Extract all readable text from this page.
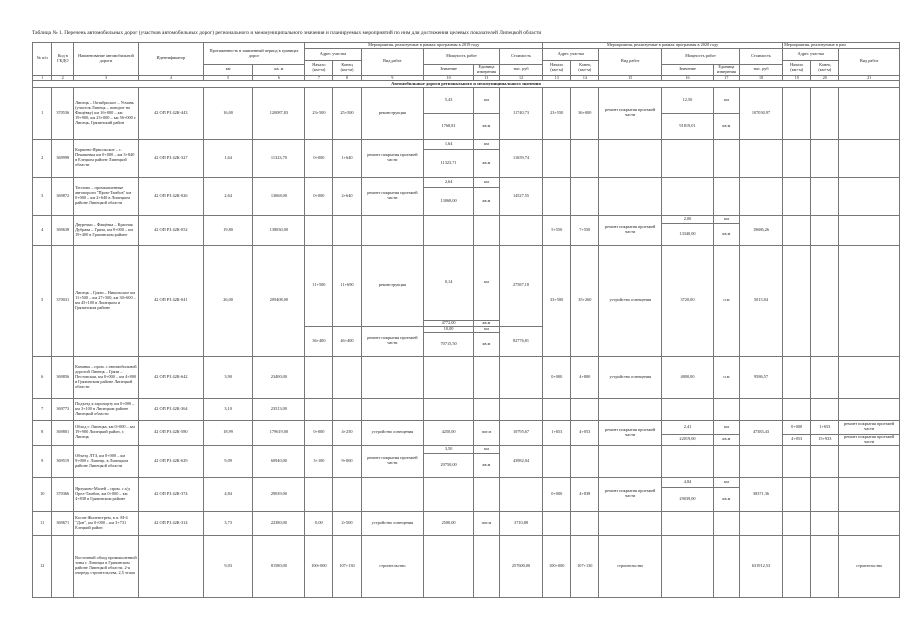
Таблица № 1. Перечень автомобильных дорог (участков автомобильных дорог) регионального и межмуниципального значения и планируемых мероприятий по ним для достижения целевых показателей Липецкой области
№ п/п	Код в ГКДО	Наименование автомобильной дороги	Идентификатор	Протяженность в заявленный период в границах дорог		Мероприятия, реализуемые в рамках программы в 2019 году						Мероприятия, реализуемые в рамках программы в 2020 году						Мероприятия, реализуемые в рам		
						Адрес участка		Вид работ	Мощность работ		Стоимость	Адрес участка		Вид работ	Мощность работ		Стоимость	Адрес участка		Вид работ
						Начало (км+м)	Конец (км+м)					Начало (км+м)	Конец (км+м)					Начало (км+м)	Конец (км+м)	
				км	кв. м				Значение	Единица измерения	тыс. руб				Значение	Единица измерения	тыс. руб			
1	2	3	4	5	6	7	8	9	10	11	12	13	14	15	16	17	18	19	20	21
Автомобильные дороги регионального и межмуниципального значения																				
1	370536	Липецк – Октябрьское – Усмань (участок Липецк – поворот на Фащёвку) км 16+000 – км 19+900, км 23+000 – км 56+000 г. Липецк, Грязинский район	42 ОП РЗ 42К-443	16,00	120087,83	23+500	25+500	реконструкция	5,43	км	11740,73	23+550	36+000	ремонт покрытия проезжей части	12,50	км	107030,97			
									1768,81	кв.м					91819,01	кв.м				
2	369998	Коршево-Ярмольское – с. Пекашевка км 0+000 – км 3+840 в Елецком районе Липецкой области	42 ОП РЗ 42К-327	1,64	11323,70	0+000	1+640	ремонт покрытия проезжей части	1,64	км	11659,74									
									11323,71	кв.м										
3	369872	Теплово – промышленные автопороги "Пром-Тамбов" км 0+000 – км 2+640 в Липецком районе Липецкой области	42 ОП РЗ 42К-026	2,64	13068,00	0+000	2+640	ремонт покрытия проезжей части	2,64	км	14527,55									
									13068,00	кв.м										
4	369638	Двуречки – Фащёвка – Красная Дубрава – Грязи, км 0+000 – км 19+400 в Грязинском районе	42 ОП РЗ 42К-052	19,80	138830,00							5+550	7+550	ремонт покрытия проезжей части	2,00	км	19686,26			
															13340,00	кв.м				
5	370031	Липецк – Грязи – Никольское км 11+500 – км 27+500, км 30+600 – км 45+100 в Липецком и Грязинском районе	42 ОП РЗ 42К-041	26,00	209408,00	11+500	11+690	реконструкция	0,14	км	27587,18	33+500	35+260	устройство освещения	3720,00	п.м	5015,84			
									4772,00	кв.м										
						36+400	46+400	ремонт покрытия проезжей части	10,00	км	82776,81									
									70715,50	кв.м										
6	369856	Казинка – пром. с автомобильной дорогой Липецк – Грязи – Пестовская, км 0+000 – км 4+800 в Грязинском районе Липецкой области	42 ОП РЗ 42К-642	3,90	23400,00							0+000	4+800	устройство освещения	4800,00	п.м	9586,57			
7	369773	Подъезд к аэропорту км 0+000 – км 3+100 в Липецком районе Липецкой области	42 ОП РЗ 42К-364	3,10	23513,00															
8	369801	Обход г. Липецка, км 0+000 – км 19+900 Липецкий район, г. Липецк	42 ОП РЗ 42К-580	18,99	179619,00	0+000	4+250	устройство освещения	4250,00	пог.м	10795,67	1+653	4+053	ремонт покрытия проезжей части	2,41	км	47383,43	0+000	1+653	ремонт покрытия проезжей части
															22019,00	кв.м		4+053	15+933	ремонт покрытия проезжей части
9	369519	Объезд ЛТЗ, км 0+000 – км 9+000 г. Липецк, в Липецком районе Липецкой области	42 ОП РЗ 42К-629	9,09	60940,00	3+100	9+000	ремонт покрытия проезжей части	3,50	км	43982,04									
									29750,00	кв.м										
10	370366	Ярлуково-Малей – пром. с а/д Орел-Тамбов, км 0+000 – км 4+838 в Грязинском районе	42 ОП РЗ 42К-374	4,84	29039,00							0+000	4+838	ремонт покрытия проезжей части	4,84	км	38371,36			
															29039,00	кв.м				
11	369671	Косов-Жиленстрем, в п. М-4 "Дон", км 0+000 – км 3+731 Елецкий район	42 ОП РЗ 42К-314	3,73	22380,00	0,00	2+500	устройство освещения	2500,00	пог.м	3710,88									
12		Восточный обход промышленной зоны г. Липецка в Грязинском районе Липецкой области, 2-я очередь строительства, 2,5 этапа		9,03	81580,00	100+000	107+130	строительство			257600,00	100+000	107+130	строительство			631912,53			строительство
